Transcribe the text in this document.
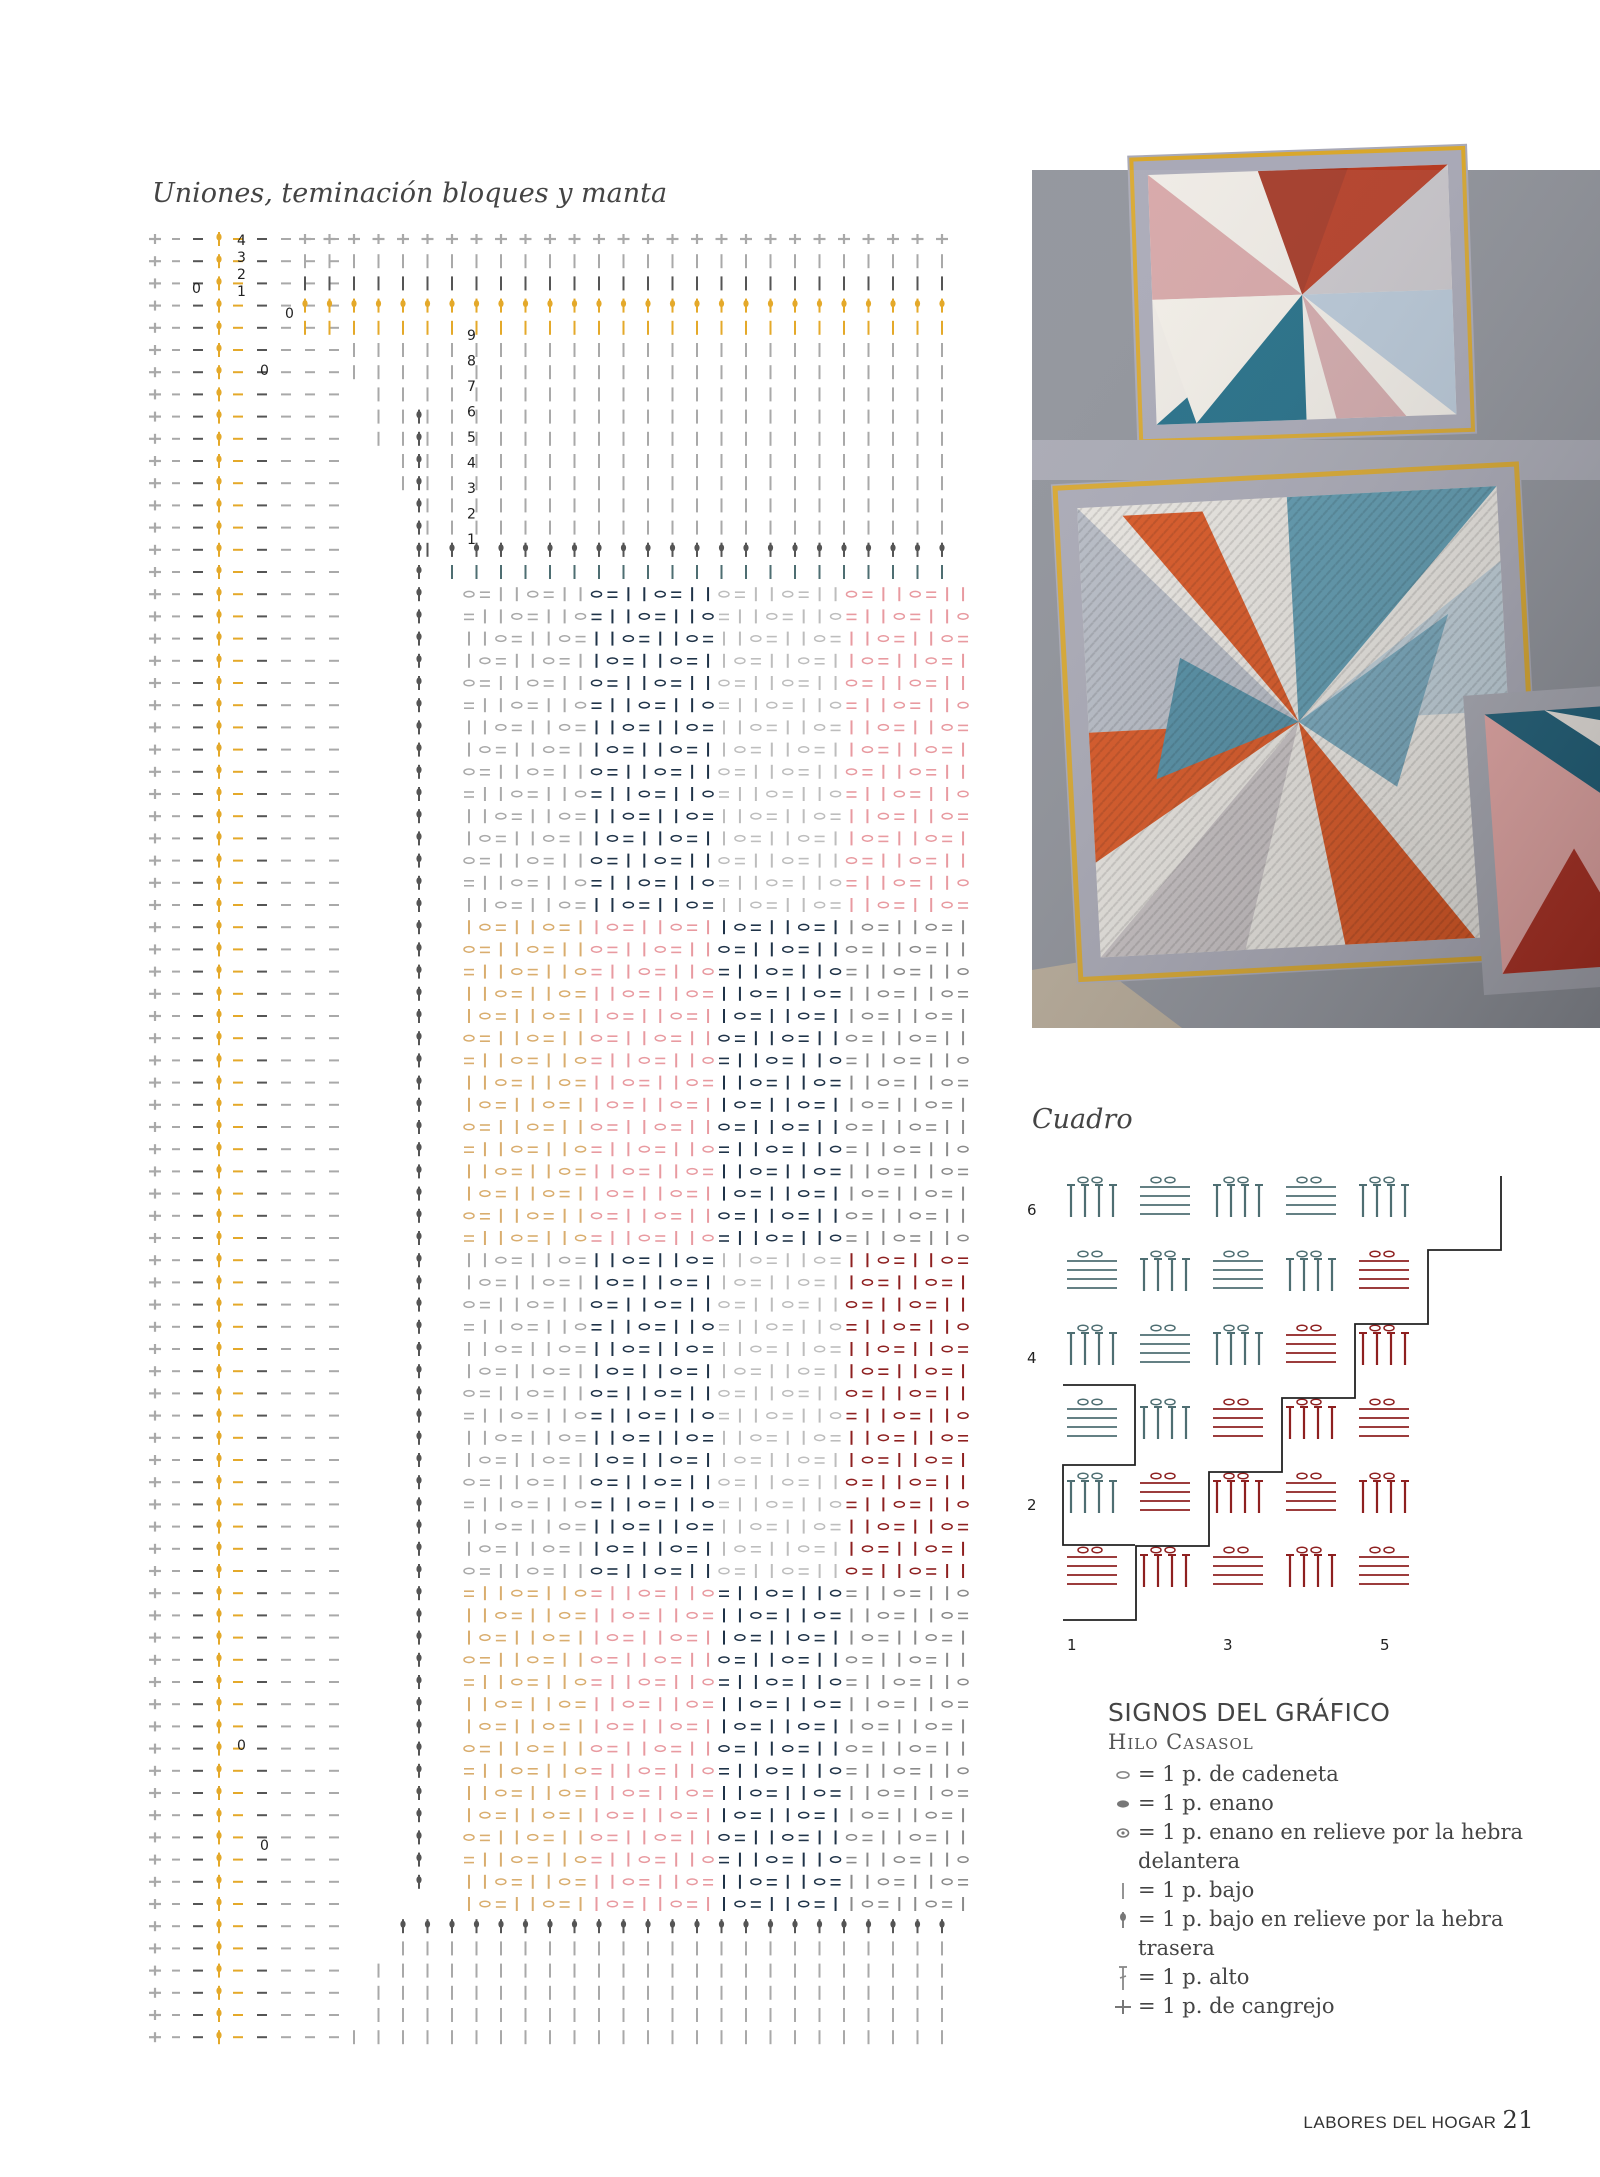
Uniones, teminación bloques y manta
4
3
2
1
9
8
7
6
5
4
3
2
1
0
0
0
0
0
Cuadro
6
4
2
1	3	5
SIGNOS DEL GRÁFICO
Hilo Casasol
= 1 p. de cadeneta
= 1 p. enano
= 1 p. enano en relieve por la hebra delantera
= 1 p. bajo
= 1 p. bajo en relieve por la hebra trasera
= 1 p. alto
= 1 p. de cangrejo
LABORES DEL HOGAR 21
